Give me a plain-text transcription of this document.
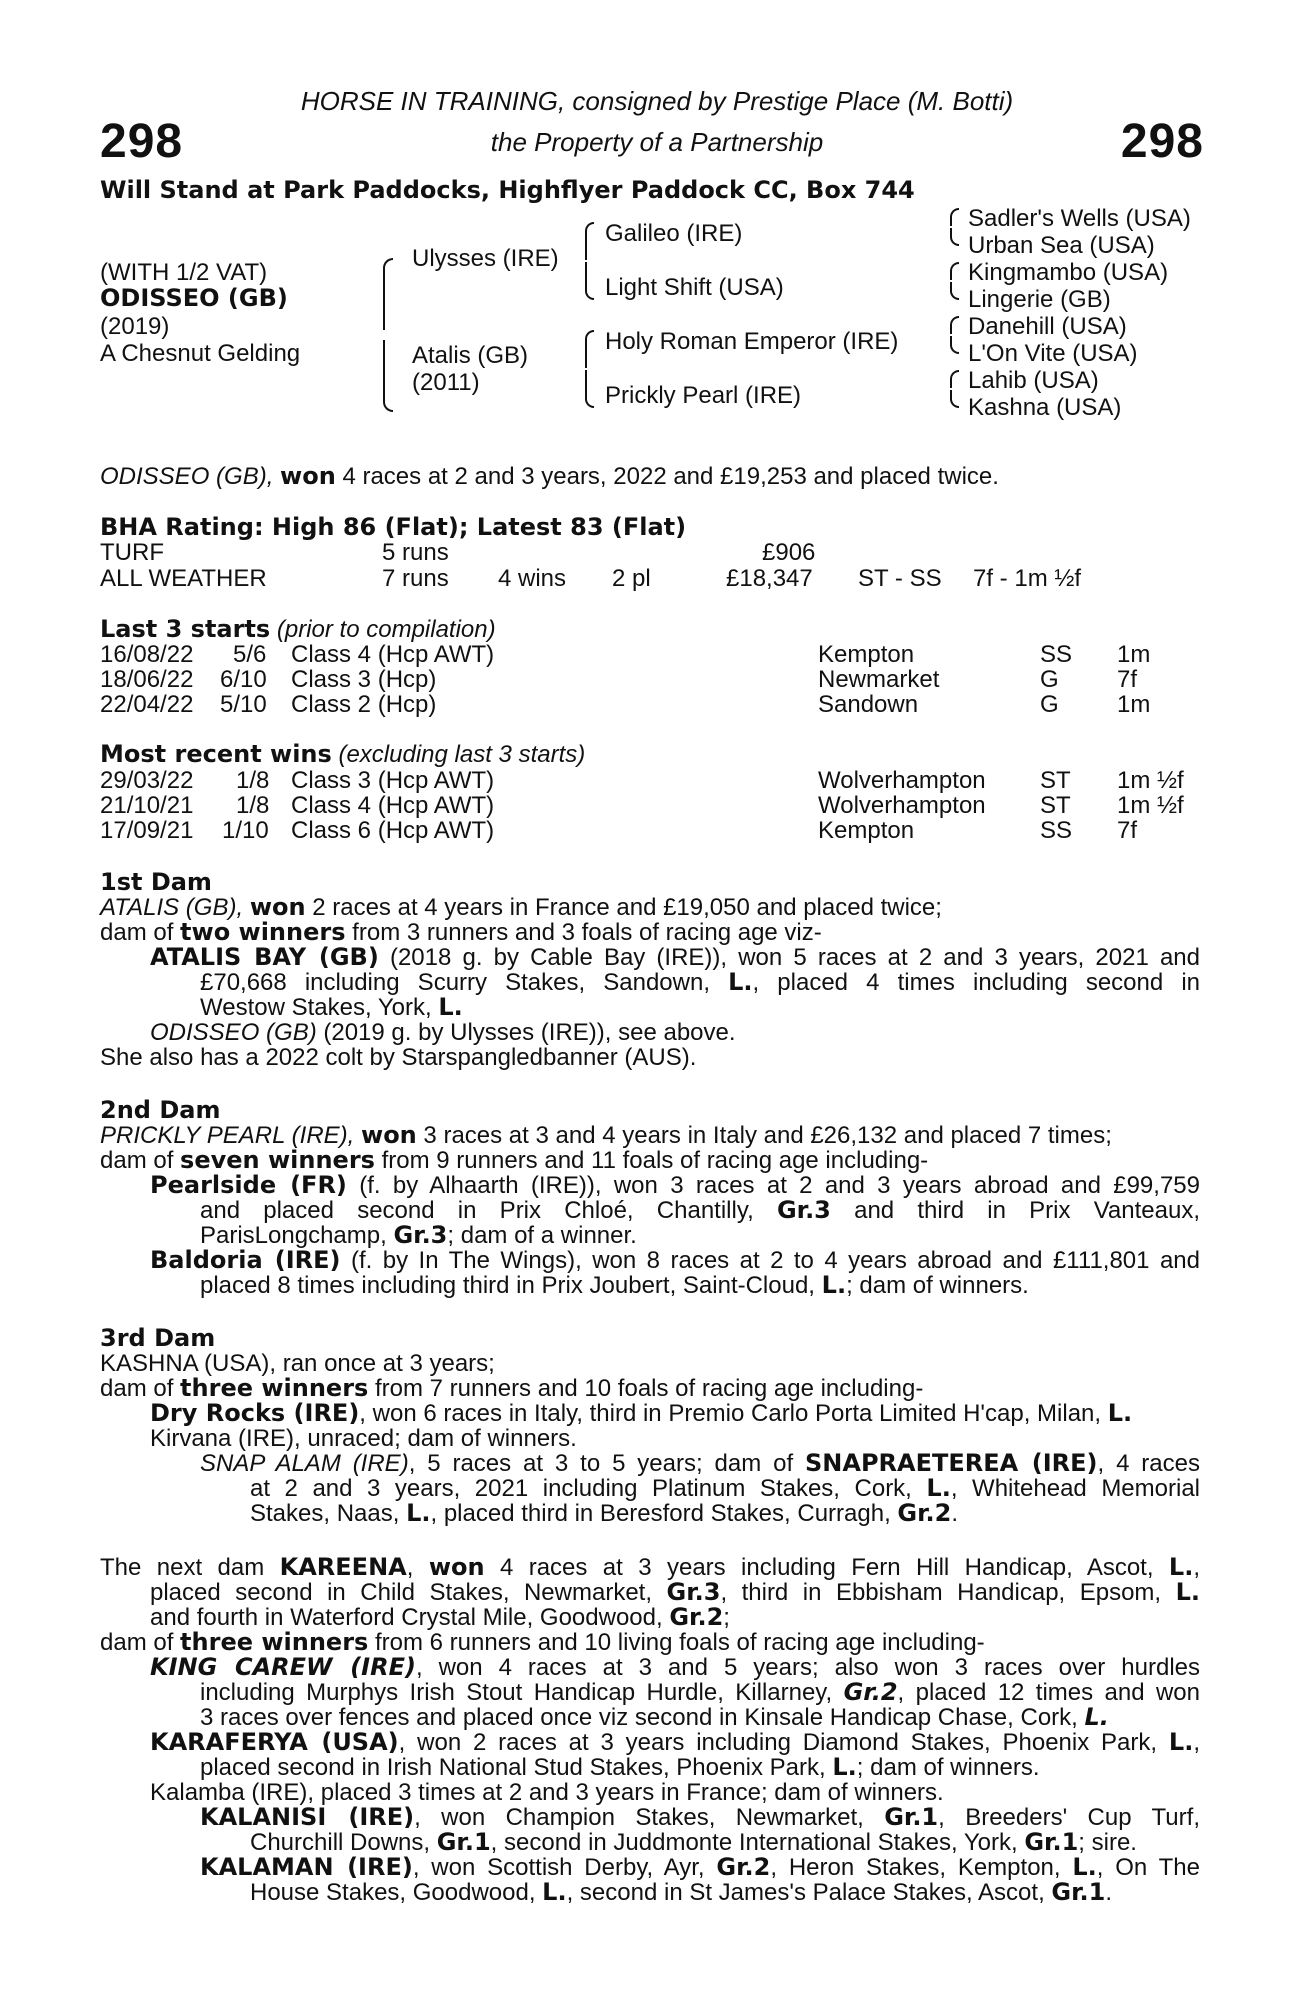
298	298
HORSE IN TRAINING, consigned by Prestige Place (M. Botti)
the Property of a Partnership
Will Stand at Park Paddocks, Highflyer Paddock CC, Box 744
(WITH 1/2 VAT)
ODISSEO (GB)
(2019)
A Chesnut Gelding
Ulysses (IRE)
Atalis (GB)
(2011)
Galileo (IRE)
Light Shift (USA)
Holy Roman Emperor (IRE)
Prickly Pearl (IRE)
Sadler's Wells (USA)
Urban Sea (USA)
Kingmambo (USA)
Lingerie (GB)
Danehill (USA)
L'On Vite (USA)
Lahib (USA)
Kashna (USA)
ODISSEO (GB), won 4 races at 2 and 3 years, 2022 and £19,253 and placed twice.
BHA Rating: High 86 (Flat); Latest 83 (Flat)
TURF	5 runs	£906
ALL WEATHER	7 runs 4 wins 2 pl	£18,347 ST - SS 7f - 1m ½f
Last 3 starts (prior to compilation)
16/08/22 5/6 Class 4 (Hcp AWT)	Kempton	SS 1m
18/06/22 6/10 Class 3 (Hcp)	Newmarket	G 7f
22/04/22 5/10 Class 2 (Hcp)	Sandown	G 1m
Most recent wins (excluding last 3 starts)
29/03/22 1/8 Class 3 (Hcp AWT)	Wolverhampton ST 1m ½f
21/10/21 1/8 Class 4 (Hcp AWT)	Wolverhampton ST 1m ½f
17/09/21 1/10 Class 6 (Hcp AWT)	Kempton	SS 7f
1st Dam
ATALIS (GB), won 2 races at 4 years in France and £19,050 and placed twice;
dam of two winners from 3 runners and 3 foals of racing age viz-
ATALIS BAY (GB) (2018 g. by Cable Bay (IRE)), won 5 races at 2 and 3 years, 2021 and
£70,668 including Scurry Stakes, Sandown, L., placed 4 times including second in
Westow Stakes, York, L.
ODISSEO (GB) (2019 g. by Ulysses (IRE)), see above.
She also has a 2022 colt by Starspangledbanner (AUS).
2nd Dam
PRICKLY PEARL (IRE), won 3 races at 3 and 4 years in Italy and £26,132 and placed 7 times;
dam of seven winners from 9 runners and 11 foals of racing age including-
Pearlside (FR) (f. by Alhaarth (IRE)), won 3 races at 2 and 3 years abroad and £99,759
and placed second in Prix Chloé, Chantilly, Gr.3 and third in Prix Vanteaux,
ParisLongchamp, Gr.3; dam of a winner.
Baldoria (IRE) (f. by In The Wings), won 8 races at 2 to 4 years abroad and £111,801 and
placed 8 times including third in Prix Joubert, Saint-Cloud, L.; dam of winners.
3rd Dam
KASHNA (USA), ran once at 3 years;
dam of three winners from 7 runners and 10 foals of racing age including-
Dry Rocks (IRE), won 6 races in Italy, third in Premio Carlo Porta Limited H'cap, Milan, L.
Kirvana (IRE), unraced; dam of winners.
SNAP ALAM (IRE), 5 races at 3 to 5 years; dam of SNAPRAETEREA (IRE), 4 races
at 2 and 3 years, 2021 including Platinum Stakes, Cork, L., Whitehead Memorial
Stakes, Naas, L., placed third in Beresford Stakes, Curragh, Gr.2.
The next dam KAREENA, won 4 races at 3 years including Fern Hill Handicap, Ascot, L.,
placed second in Child Stakes, Newmarket, Gr.3, third in Ebbisham Handicap, Epsom, L.
and fourth in Waterford Crystal Mile, Goodwood, Gr.2;
dam of three winners from 6 runners and 10 living foals of racing age including-
KING CAREW (IRE), won 4 races at 3 and 5 years; also won 3 races over hurdles
including Murphys Irish Stout Handicap Hurdle, Killarney, Gr.2, placed 12 times and won
3 races over fences and placed once viz second in Kinsale Handicap Chase, Cork, L.
KARAFERYA (USA), won 2 races at 3 years including Diamond Stakes, Phoenix Park, L.,
placed second in Irish National Stud Stakes, Phoenix Park, L.; dam of winners.
Kalamba (IRE), placed 3 times at 2 and 3 years in France; dam of winners.
KALANISI (IRE), won Champion Stakes, Newmarket, Gr.1, Breeders' Cup Turf,
Churchill Downs, Gr.1, second in Juddmonte International Stakes, York, Gr.1; sire.
KALAMAN (IRE), won Scottish Derby, Ayr, Gr.2, Heron Stakes, Kempton, L., On The
House Stakes, Goodwood, L., second in St James's Palace Stakes, Ascot, Gr.1.
